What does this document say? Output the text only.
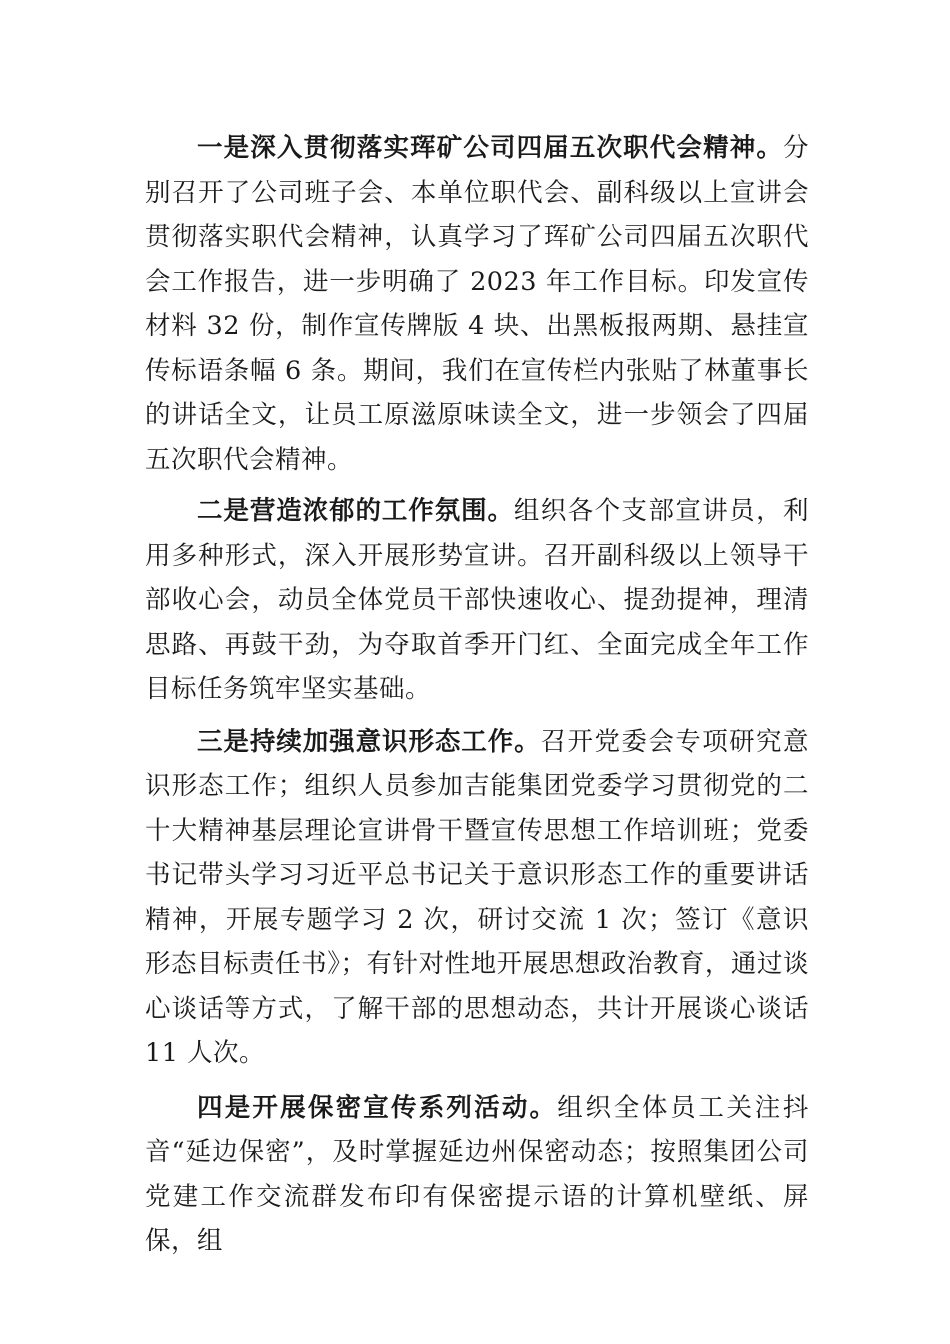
一是深入贯彻落实珲矿公司四届五次职代会精神。分别召开了公司班子会、本单位职代会、副科级以上宣讲会贯彻落实职代会精神，认真学习了珲矿公司四届五次职代会工作报告，进一步明确了 2023 年工作目标。印发宣传材料 32 份，制作宣传牌版 4 块、出黑板报两期、悬挂宣传标语条幅 6 条。期间，我们在宣传栏内张贴了林董事长的讲话全文，让员工原滋原味读全文，进一步领会了四届五次职代会精神。

二是营造浓郁的工作氛围。组织各个支部宣讲员，利用多种形式，深入开展形势宣讲。召开副科级以上领导干部收心会，动员全体党员干部快速收心、提劲提神，理清思路、再鼓干劲，为夺取首季开门红、全面完成全年工作目标任务筑牢坚实基础。

三是持续加强意识形态工作。召开党委会专项研究意识形态工作；组织人员参加吉能集团党委学习贯彻党的二十大精神基层理论宣讲骨干暨宣传思想工作培训班；党委书记带头学习习近平总书记关于意识形态工作的重要讲话精神，开展专题学习 2 次，研讨交流 1 次；签订《意识形态目标责任书》；有针对性地开展思想政治教育，通过谈心谈话等方式，了解干部的思想动态，共计开展谈心谈话 11 人次。

四是开展保密宣传系列活动。组织全体员工关注抖音“延边保密”，及时掌握延边州保密动态；按照集团公司党建工作交流群发布印有保密提示语的计算机壁纸、屏保，组
